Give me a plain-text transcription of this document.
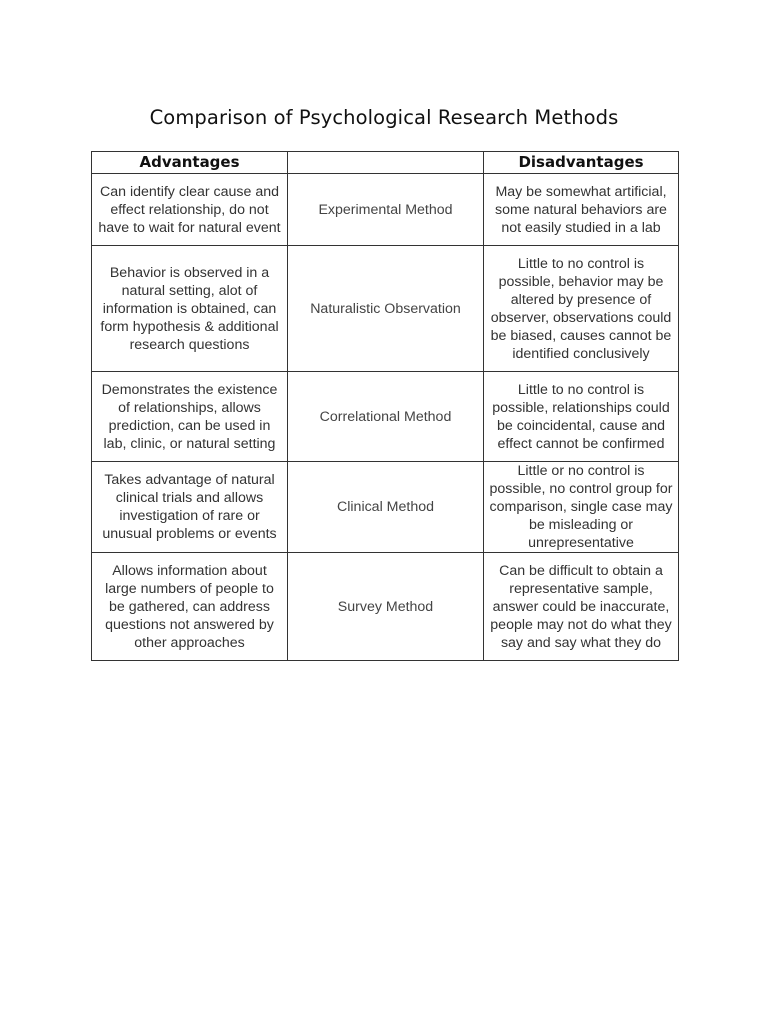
Comparison of Psychological Research Methods
Advantages		Disadvantages
Can identify clear cause and effect relationship, do not have to wait for natural event	Experimental Method	May be somewhat artificial, some natural behaviors are not easily studied in a lab
Behavior is observed in a natural setting, alot of information is obtained, can form hypothesis & additional research questions	Naturalistic Observation	Little to no control is possible, behavior may be altered by presence of observer, observations could be biased, causes cannot be identified conclusively
Demonstrates the existence of relationships, allows prediction, can be used in lab, clinic, or natural setting	Correlational Method	Little to no control is possible, relationships could be coincidental, cause and effect cannot be confirmed
Takes advantage of natural clinical trials and allows investigation of rare or unusual problems or events	Clinical Method	Little or no control is possible, no control group for comparison, single case may be misleading or unrepresentative
Allows information about large numbers of people to be gathered, can address questions not answered by other approaches	Survey Method	Can be difficult to obtain a representative sample, answer could be inaccurate, people may not do what they say and say what they do
